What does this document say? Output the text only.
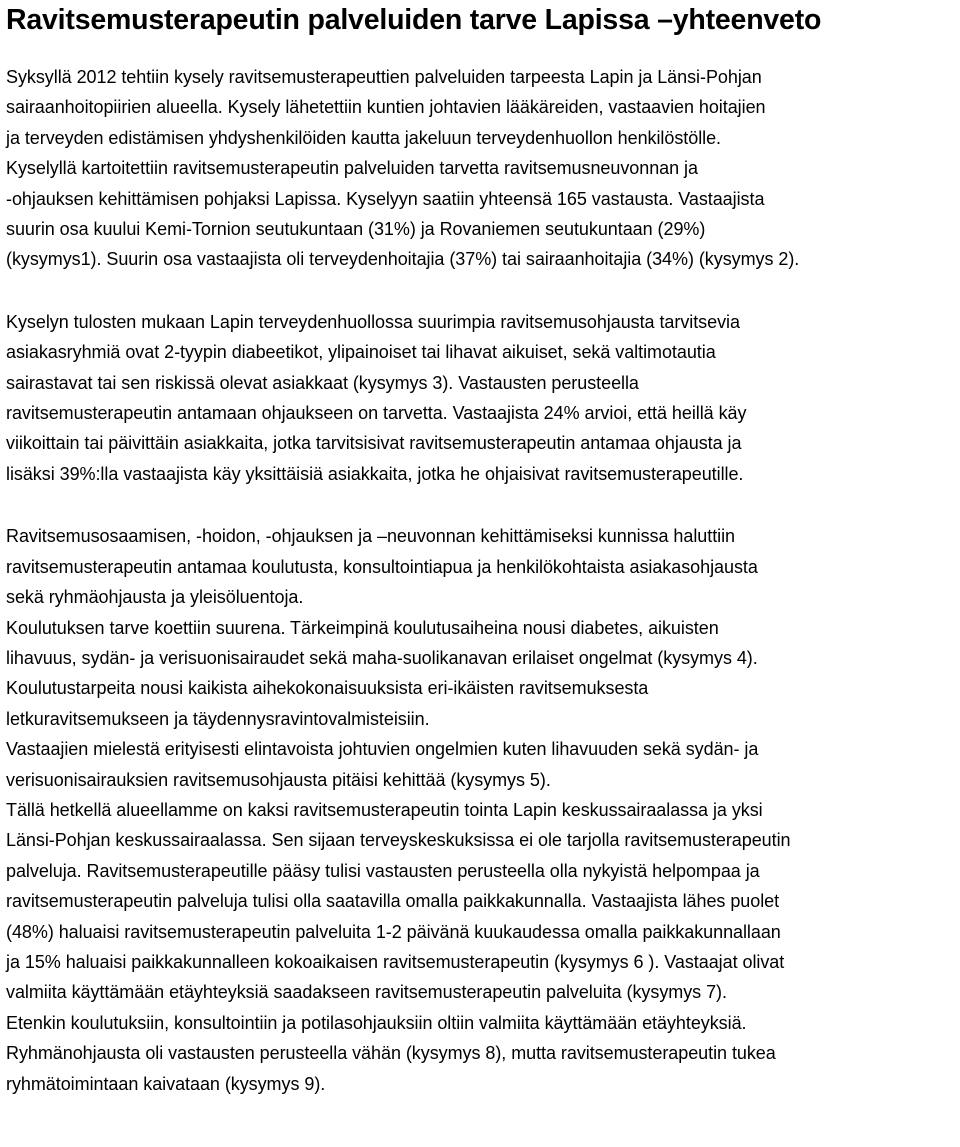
Ravitsemusterapeutin palveluiden tarve Lapissa –yhteenveto

Syksyllä 2012 tehtiin kysely ravitsemusterapeuttien palveluiden tarpeesta Lapin ja Länsi-Pohjan
sairaanhoitopiirien alueella. Kysely lähetettiin kuntien johtavien lääkäreiden, vastaavien hoitajien
ja terveyden edistämisen yhdyshenkilöiden kautta jakeluun terveydenhuollon henkilöstölle.
Kyselyllä kartoitettiin ravitsemusterapeutin palveluiden tarvetta ravitsemusneuvonnan ja
-ohjauksen kehittämisen pohjaksi Lapissa. Kyselyyn saatiin yhteensä 165 vastausta. Vastaajista
suurin osa kuului Kemi-Tornion seutukuntaan (31%) ja Rovaniemen seutukuntaan (29%)
(kysymys1). Suurin osa vastaajista oli terveydenhoitajia (37%) tai sairaanhoitajia (34%) (kysymys 2).

Kyselyn tulosten mukaan Lapin terveydenhuollossa suurimpia ravitsemusohjausta tarvitsevia
asiakasryhmiä ovat 2-tyypin diabeetikot, ylipainoiset tai lihavat aikuiset, sekä valtimotautia
sairastavat tai sen riskissä olevat asiakkaat (kysymys 3). Vastausten perusteella
ravitsemusterapeutin antamaan ohjaukseen on tarvetta. Vastaajista 24% arvioi, että heillä käy
viikoittain tai päivittäin asiakkaita, jotka tarvitsisivat ravitsemusterapeutin antamaa ohjausta ja
lisäksi 39%:lla vastaajista käy yksittäisiä asiakkaita, jotka he ohjaisivat ravitsemusterapeutille.

Ravitsemusosaamisen, -hoidon, -ohjauksen ja –neuvonnan kehittämiseksi kunnissa haluttiin
ravitsemusterapeutin antamaa koulutusta, konsultointiapua ja henkilökohtaista asiakasohjausta
sekä ryhmäohjausta ja yleisöluentoja.
Koulutuksen tarve koettiin suurena. Tärkeimpinä koulutusaiheina nousi diabetes, aikuisten
lihavuus, sydän- ja verisuonisairaudet sekä maha-suolikanavan erilaiset ongelmat (kysymys 4).
Koulutustarpeita nousi kaikista aihekokonaisuuksista eri-ikäisten ravitsemuksesta
letkuravitsemukseen ja täydennysravintovalmisteisiin.
Vastaajien mielestä erityisesti elintavoista johtuvien ongelmien kuten lihavuuden sekä sydän- ja
verisuonisairauksien ravitsemusohjausta pitäisi kehittää (kysymys 5).
Tällä hetkellä alueellamme on kaksi ravitsemusterapeutin tointa Lapin keskussairaalassa ja yksi
Länsi-Pohjan keskussairaalassa. Sen sijaan terveyskeskuksissa ei ole tarjolla ravitsemusterapeutin
palveluja. Ravitsemusterapeutille pääsy tulisi vastausten perusteella olla nykyistä helpompaa ja
ravitsemusterapeutin palveluja tulisi olla saatavilla omalla paikkakunnalla. Vastaajista lähes puolet
(48%) haluaisi ravitsemusterapeutin palveluita 1-2 päivänä kuukaudessa omalla paikkakunnallaan
ja 15% haluaisi paikkakunnalleen kokoaikaisen ravitsemusterapeutin (kysymys 6 ). Vastaajat olivat
valmiita käyttämään etäyhteyksiä saadakseen ravitsemusterapeutin palveluita (kysymys 7).
Etenkin koulutuksiin, konsultointiin ja potilasohjauksiin oltiin valmiita käyttämään etäyhteyksiä.
Ryhmänohjausta oli vastausten perusteella vähän (kysymys 8), mutta ravitsemusterapeutin tukea
ryhmätoimintaan kaivataan (kysymys 9).
